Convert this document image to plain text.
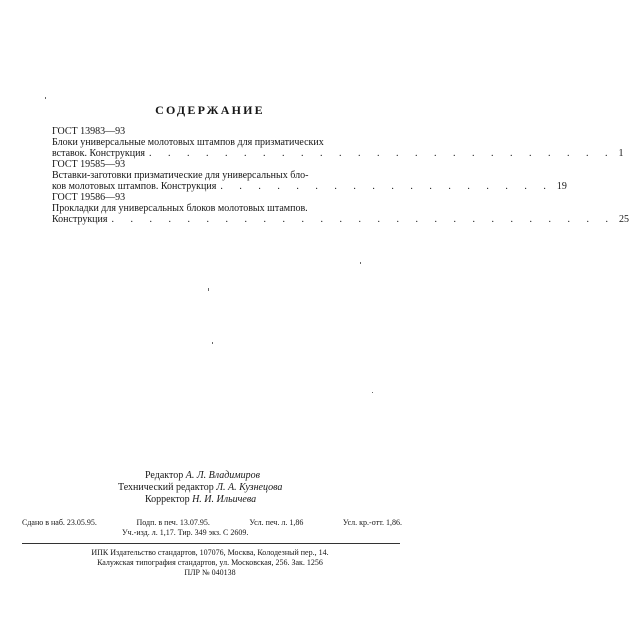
СОДЕРЖАНИЕ
ГОСТ 13983—93
Блоки универсальные молотовых штампов для призматических
вставок. Конструкция . . . . . . . . . . . . . . . . . . . . . . . . . 1
ГОСТ 19585—93
Вставки-заготовки призматические для универсальных бло-
ков молотовых штампов. Конструкция . . . . . . . . . . . . . . . . . . 19
ГОСТ 19586—93
Прокладки для универсальных блоков молотовых штампов.
Конструкция . . . . . . . . . . . . . . . . . . . . . . . . . . . 25
Редактор А. Л. Владимиров
Технический редактор Л. А. Кузнецова
Корректор Н. И. Ильичева
Сдано в наб. 23.05.95.	Подп. в печ. 13.07.95.	Усл. печ. л. 1,86	Усл. кр.-отт. 1,86.
Уч.-изд. л. 1,17. Тир. 349 экз. С 2609.
ИПК Издательство стандартов, 107076, Москва, Колодезный пер., 14.
Калужская типография стандартов, ул. Московская, 256. Зак. 1256
ПЛР № 040138
